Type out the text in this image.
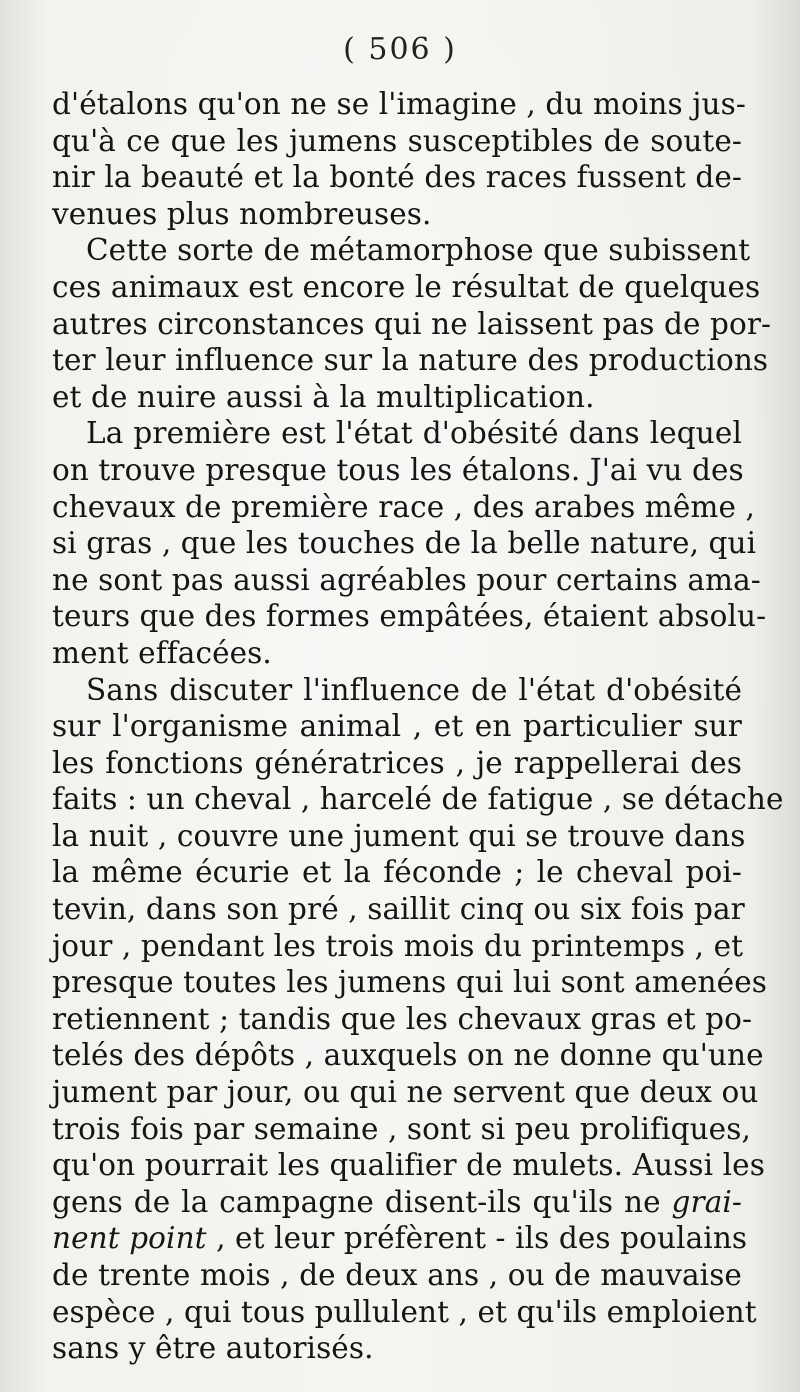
( 506 )
d'étalons qu'on ne se l'imagine , du moins jus-
qu'à ce que les jumens susceptibles de soute-
nir la beauté et la bonté des races fussent de-
venues plus nombreuses.
Cette sorte de métamorphose que subissent
ces animaux est encore le résultat de quelques
autres circonstances qui ne laissent pas de por-
ter leur influence sur la nature des productions
et de nuire aussi à la multiplication.
La première est l'état d'obésité dans lequel
on trouve presque tous les étalons. J'ai vu des
chevaux de première race , des arabes même ,
si gras , que les touches de la belle nature, qui
ne sont pas aussi agréables pour certains ama-
teurs que des formes empâtées, étaient absolu-
ment effacées.
Sans discuter l'influence de l'état d'obésité
sur l'organisme animal , et en particulier sur
les fonctions génératrices , je rappellerai des
faits : un cheval , harcelé de fatigue , se détache
la nuit , couvre une jument qui se trouve dans
la même écurie et la féconde ; le cheval poi-
tevin, dans son pré , saillit cinq ou six fois par
jour , pendant les trois mois du printemps , et
presque toutes les jumens qui lui sont amenées
retiennent ; tandis que les chevaux gras et po-
telés des dépôts , auxquels on ne donne qu'une
jument par jour, ou qui ne servent que deux ou
trois fois par semaine , sont si peu prolifiques,
qu'on pourrait les qualifier de mulets. Aussi les
gens de la campagne disent-ils qu'ils ne grai-
nent point , et leur préfèrent - ils des poulains
de trente mois , de deux ans , ou de mauvaise
espèce , qui tous pullulent , et qu'ils emploient
sans y être autorisés.
